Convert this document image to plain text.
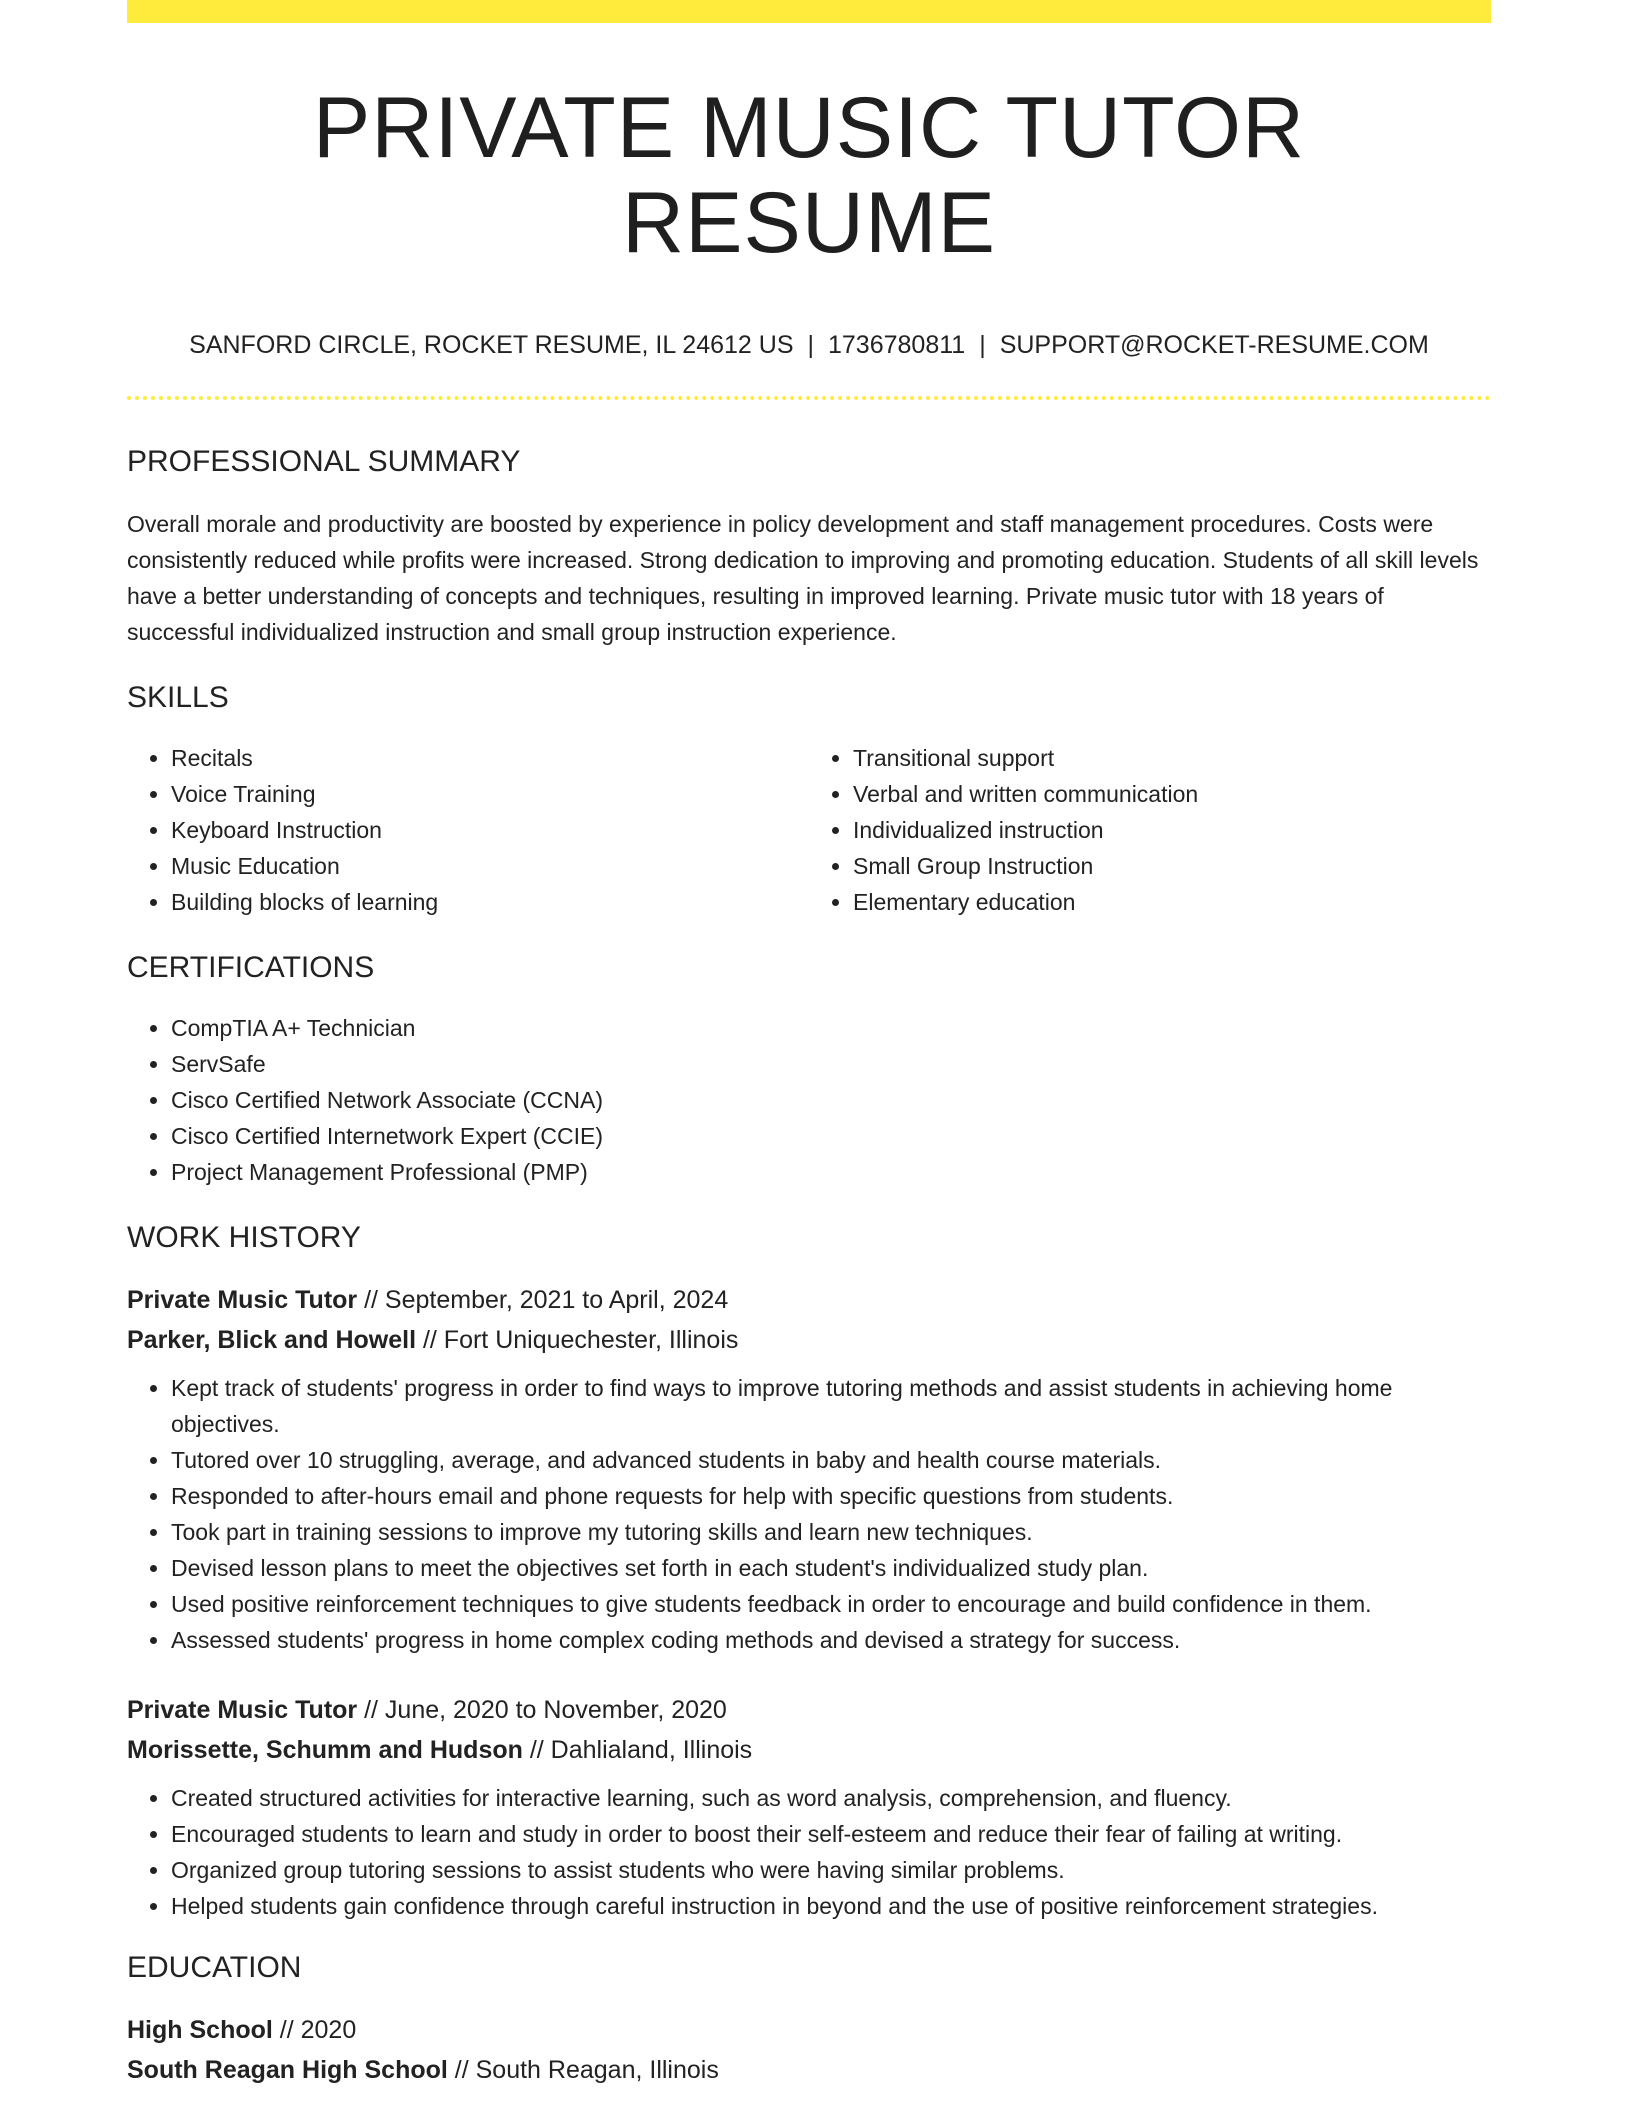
PRIVATE MUSIC TUTOR RESUME
SANFORD CIRCLE, ROCKET RESUME, IL 24612 US | 1736780811 | SUPPORT@ROCKET-RESUME.COM
PROFESSIONAL SUMMARY

Overall morale and productivity are boosted by experience in policy development and staff management procedures. Costs were consistently reduced while profits were increased. Strong dedication to improving and promoting education. Students of all skill levels have a better understanding of concepts and techniques, resulting in improved learning. Private music tutor with 18 years of successful individualized instruction and small group instruction experience.

SKILLS
• Recitals
• Voice Training
• Keyboard Instruction
• Music Education
• Building blocks of learning
• Transitional support
• Verbal and written communication
• Individualized instruction
• Small Group Instruction
• Elementary education
CERTIFICATIONS
• CompTIA A+ Technician
• ServSafe
• Cisco Certified Network Associate (CCNA)
• Cisco Certified Internetwork Expert (CCIE)
• Project Management Professional (PMP)
WORK HISTORY
Private Music Tutor // September, 2021 to April, 2024
Parker, Blick and Howell // Fort Uniquechester, Illinois
• Kept track of students' progress in order to find ways to improve tutoring methods and assist students in achieving home objectives.
• Tutored over 10 struggling, average, and advanced students in baby and health course materials.
• Responded to after-hours email and phone requests for help with specific questions from students.
• Took part in training sessions to improve my tutoring skills and learn new techniques.
• Devised lesson plans to meet the objectives set forth in each student's individualized study plan.
• Used positive reinforcement techniques to give students feedback in order to encourage and build confidence in them.
• Assessed students' progress in home complex coding methods and devised a strategy for success.
Private Music Tutor // June, 2020 to November, 2020
Morissette, Schumm and Hudson // Dahlialand, Illinois
• Created structured activities for interactive learning, such as word analysis, comprehension, and fluency.
• Encouraged students to learn and study in order to boost their self-esteem and reduce their fear of failing at writing.
• Organized group tutoring sessions to assist students who were having similar problems.
• Helped students gain confidence through careful instruction in beyond and the use of positive reinforcement strategies.
EDUCATION
High School // 2020
South Reagan High School // South Reagan, Illinois
